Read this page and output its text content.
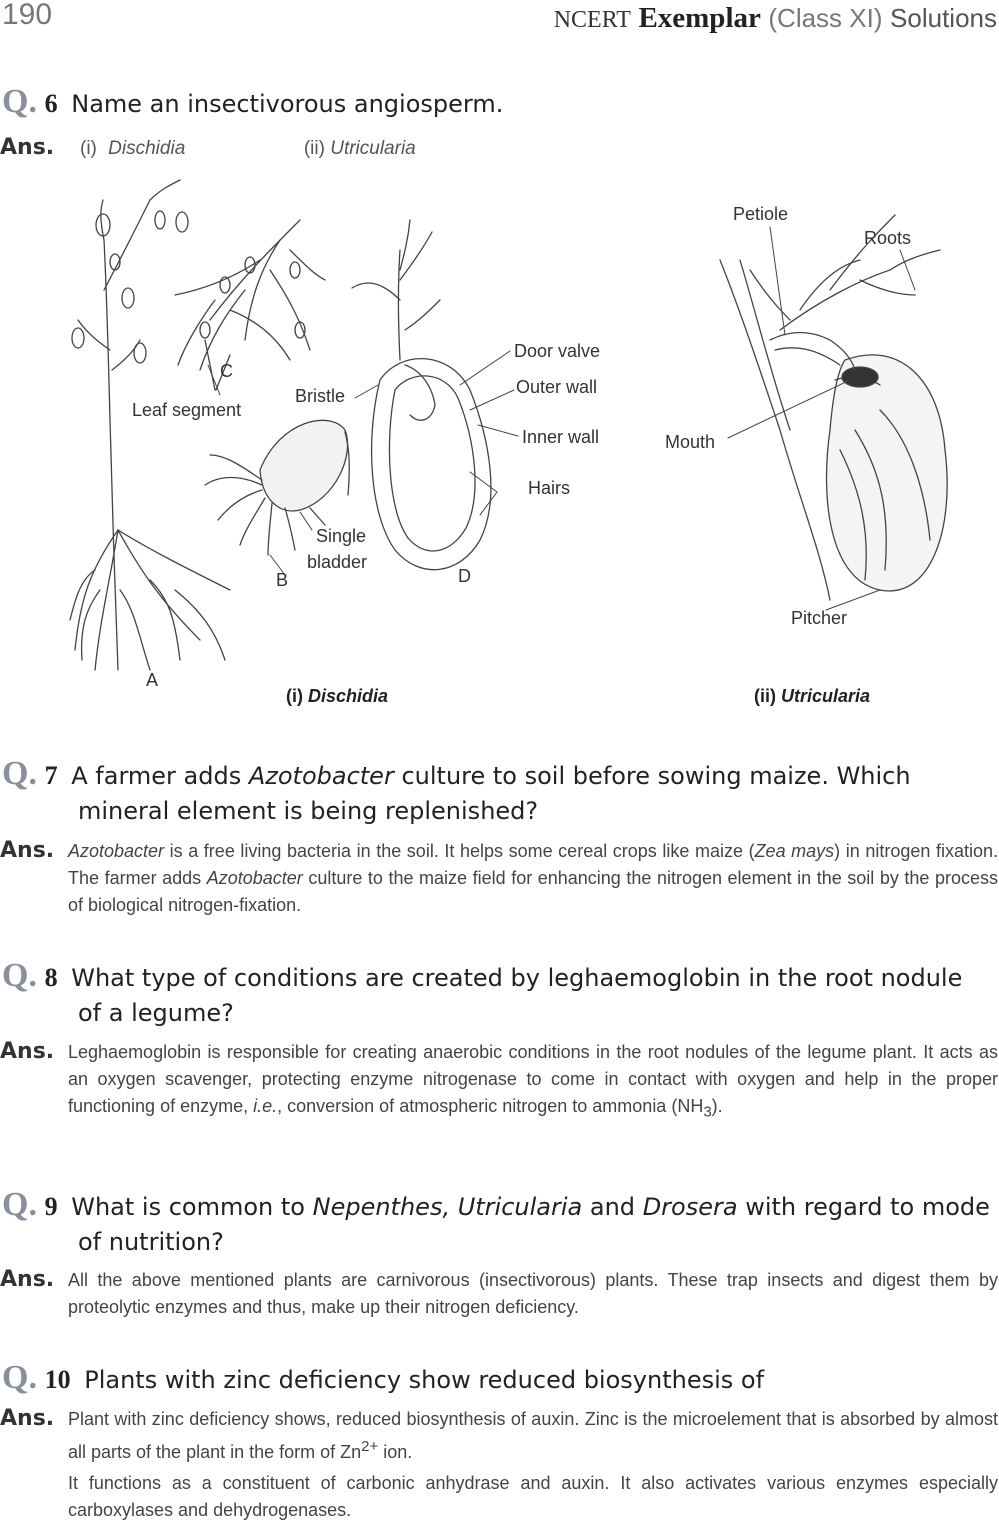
190	NCERT Exemplar (Class XI) Solutions
Q. 6 Name an insectivorous angiosperm.
Ans. (i) Dischidia	(ii) Utricularia
C
Leaf segment
Bristle
Door valve
Outer wall
Inner wall
Hairs
Single
bladder
B	D
A
Petiole
Roots
Mouth
Pitcher
(i) Dischidia	(ii) Utricularia
Q. 7 A farmer adds Azotobacter culture to soil before sowing maize. Which
mineral element is being replenished?
Ans. Azotobacter is a free living bacteria in the soil. It helps some cereal crops like maize (Zea mays) in nitrogen fixation. The farmer adds Azotobacter culture to the maize field for enhancing the nitrogen element in the soil by the process of biological nitrogen-fixation.

Q. 8 What type of conditions are created by leghaemoglobin in the root nodule
of a legume?
Ans. Leghaemoglobin is responsible for creating anaerobic conditions in the root nodules of the legume plant. It acts as an oxygen scavenger, protecting enzyme nitrogenase to come in contact with oxygen and help in the proper functioning of enzyme, i.e., conversion of atmospheric nitrogen to ammonia $(NH_3)$.

Q. 9 What is common to Nepenthes, Utricularia and Drosera with regard to mode
of nutrition?
Ans. All the above mentioned plants are carnivorous (insectivorous) plants. These trap insects and digest them by proteolytic enzymes and thus, make up their nitrogen deficiency.

Q. 10 Plants with zinc deficiency show reduced biosynthesis of
Ans. Plant with zinc deficiency shows, reduced biosynthesis of auxin. Zinc is the microelement that is absorbed by almost all parts of the plant in the form of $Zn^{2+}$ ion.

It functions as a constituent of carbonic anhydrase and auxin. It also activates various enzymes especially carboxylases and dehydrogenases.
